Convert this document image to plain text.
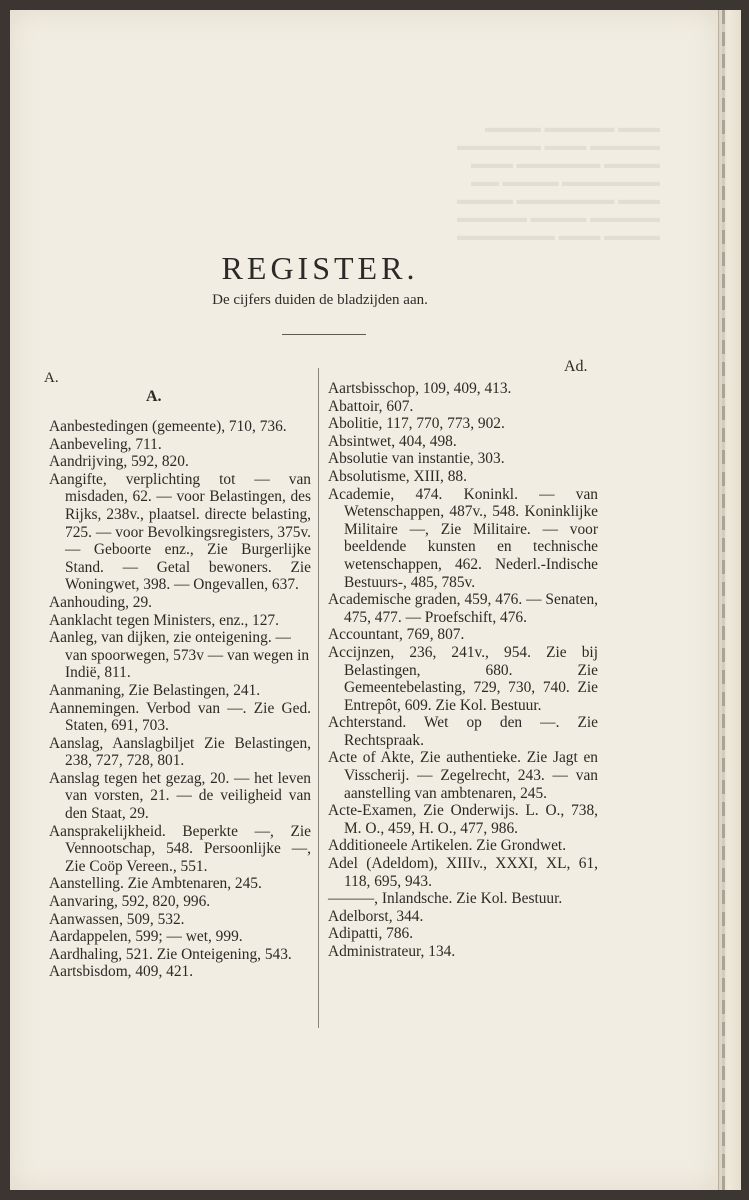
▬▬▬ ▬▬▬▬▬ ▬▬▬▬
▬▬▬▬▬ ▬▬▬ ▬▬▬▬▬▬
▬▬▬▬ ▬▬▬▬▬▬ ▬▬▬
▬▬▬▬▬▬▬ ▬▬▬▬ ▬▬
▬▬▬ ▬▬▬▬▬▬▬ ▬▬▬▬
▬▬▬▬▬ ▬▬▬▬ ▬▬▬▬▬
▬▬▬▬ ▬▬▬ ▬▬▬▬▬▬▬
REGISTER.
De cijfers duiden de bladzijden aan.
A.
A.
Ad.

Aanbestedingen (gemeente), 710, 736.

Aanbeveling, 711.

Aandrijving, 592, 820.

Aangifte, verplichting tot — van misdaden, 62. — voor Belastingen, des Rijks, 238v., plaatsel. directe belasting, 725. — voor Bevolkingsregisters, 375v. — Geboorte enz., Zie Burgerlijke Stand. — Getal bewoners. Zie Woningwet, 398. — Ongevallen, 637.

Aanhouding, 29.

Aanklacht tegen Ministers, enz., 127.

Aanleg, van dijken, zie onteigening. — van spoorwegen, 573v — van wegen in Indië, 811.

Aanmaning, Zie Belastingen, 241.

Aannemingen. Verbod van —. Zie Ged. Staten, 691, 703.

Aanslag, Aanslagbiljet Zie Belastingen, 238, 727, 728, 801.

Aanslag tegen het gezag, 20. — het leven van vorsten, 21. — de veiligheid van den Staat, 29.

Aansprakelijkheid. Beperkte —, Zie Vennootschap, 548. Persoonlijke —, Zie Coöp Vereen., 551.

Aanstelling. Zie Ambtenaren, 245.

Aanvaring, 592, 820, 996.

Aanwassen, 509, 532.

Aardappelen, 599; — wet, 999.

Aardhaling, 521. Zie Onteigening, 543.

Aartsbisdom, 409, 421.

Aartsbisschop, 109, 409, 413.

Abattoir, 607.

Abolitie, 117, 770, 773, 902.

Absintwet, 404, 498.

Absolutie van instantie, 303.

Absolutisme, XIII, 88.

Academie, 474. Koninkl. — van Wetenschappen, 487v., 548. Koninklijke Militaire —, Zie Militaire. — voor beeldende kunsten en technische wetenschappen, 462. Nederl.-Indische Bestuurs-, 485, 785v.

Academische graden, 459, 476. — Senaten, 475, 477. — Proefschift, 476.

Accountant, 769, 807.

Accijnzen, 236, 241v., 954. Zie bij Belastingen, 680. Zie Gemeentebelasting, 729, 730, 740. Zie Entrepôt, 609. Zie Kol. Bestuur.

Achterstand. Wet op den —. Zie Rechtspraak.

Acte of Akte, Zie authentieke. Zie Jagt en Visscherij. — Zegelrecht, 243. — van aanstelling van ambtenaren, 245.

Acte-Examen, Zie Onderwijs. L. O., 738, M. O., 459, H. O., 477, 986.

Additioneele Artikelen. Zie Grondwet.

Adel (Adeldom), XIIIv., XXXI, XL, 61, 118, 695, 943.

———, Inlandsche. Zie Kol. Bestuur.

Adelborst, 344.

Adipatti, 786.

Administrateur, 134.
